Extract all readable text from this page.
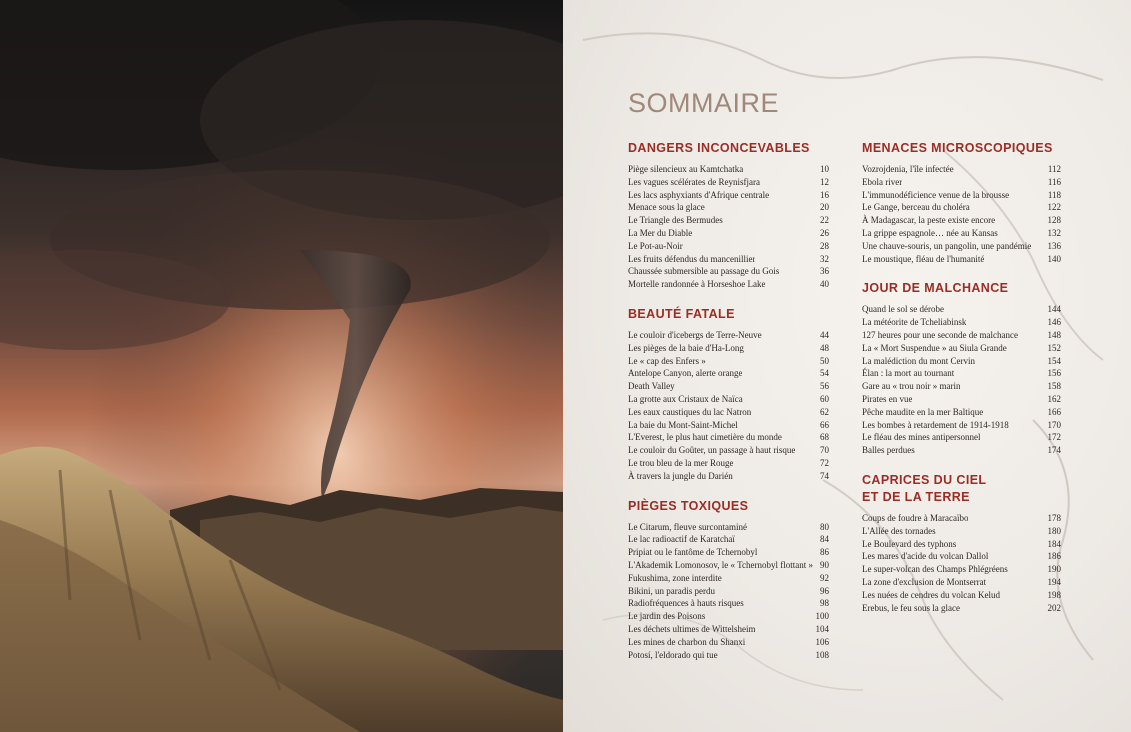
SOMMAIRE
DANGERS INCONCEVABLES
Piège silencieux au Kamtchatka	10
Les vagues scélérates de Reynisfjara	12
Les lacs asphyxiants d'Afrique centrale	16
Menace sous la glace	20
Le Triangle des Bermudes	22
La Mer du Diable	26
Le Pot-au-Noir	28
Les fruits défendus du mancenillier	32
Chaussée submersible au passage du Gois	36
Mortelle randonnée à Horseshoe Lake	40
BEAUTÉ FATALE
Le couloir d'icebergs de Terre-Neuve	44
Les pièges de la baie d'Ha-Long	48
Le « cap des Enfers »	50
Antelope Canyon, alerte orange	54
Death Valley	56
La grotte aux Cristaux de Naïca	60
Les eaux caustiques du lac Natron	62
La baie du Mont-Saint-Michel	66
L'Everest, le plus haut cimetière du monde	68
Le couloir du Goûter, un passage à haut risque	70
Le trou bleu de la mer Rouge	72
À travers la jungle du Darién	74
PIÈGES TOXIQUES
Le Citarum, fleuve surcontaminé	80
Le lac radioactif de Karatchaï	84
Pripiat ou le fantôme de Tchernobyl	86
L'Akademik Lomonosov, le « Tchernobyl flottant » 90
Fukushima, zone interdite	92
Bikini, un paradis perdu	96
Radiofréquences à hauts risques	98
Le jardin des Poisons	100
Les déchets ultimes de Wittelsheim	104
Les mines de charbon du Shanxi	106
Potosí, l'eldorado qui tue	108
MENACES MICROSCOPIQUES
Vozrojdenia, l'île infectée	112
Ebola river	116
L'immunodéficience venue de la brousse	118
Le Gange, berceau du choléra	122
À Madagascar, la peste existe encore	128
La grippe espagnole… née au Kansas	132
Une chauve-souris, un pangolin, une pandémie 136
Le moustique, fléau de l'humanité	140
JOUR DE MALCHANCE
Quand le sol se dérobe	144
La météorite de Tcheliabinsk	146
127 heures pour une seconde de malchance	148
La « Mort Suspendue » au Siula Grande	152
La malédiction du mont Cervin	154
Élan : la mort au tournant	156
Gare au « trou noir » marin	158
Pirates en vue	162
Pêche maudite en la mer Baltique	166
Les bombes à retardement de 1914-1918	170
Le fléau des mines antipersonnel	172
Balles perdues	174
CAPRICES DU CIEL
ET DE LA TERRE
Coups de foudre à Maracaïbo	178
L'Allée des tornades	180
Le Boulevard des typhons	184
Les mares d'acide du volcan Dallol	186
Le super-volcan des Champs Phlégréens	190
La zone d'exclusion de Montserrat	194
Les nuées de cendres du volcan Kelud	198
Erebus, le feu sous la glace	202
